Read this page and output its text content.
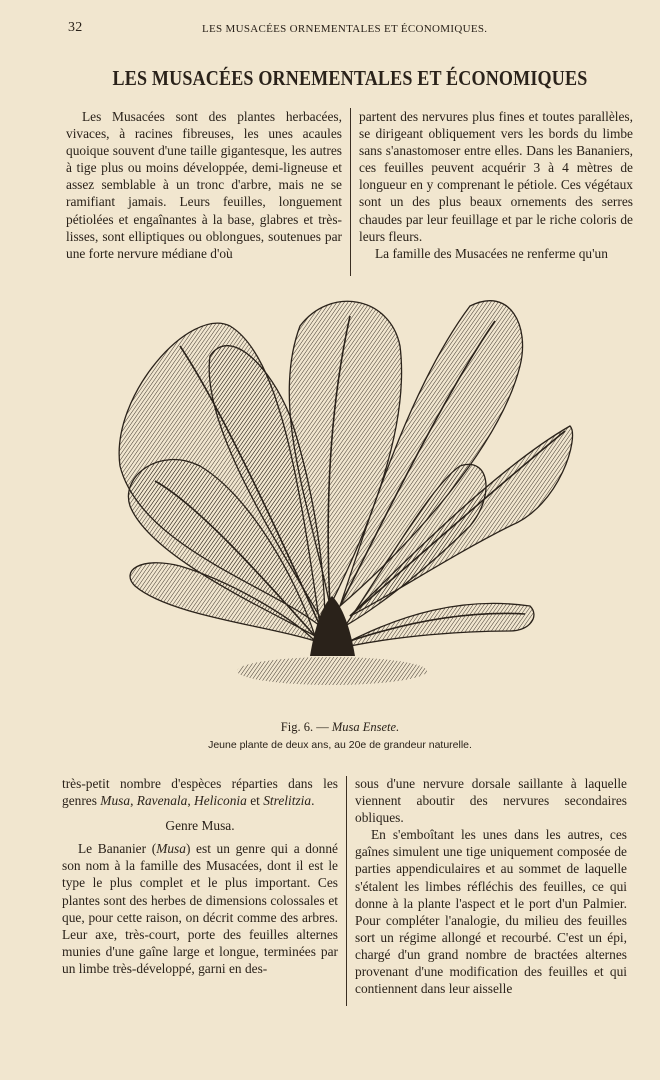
32	LES MUSACÉES ORNEMENTALES ET ÉCONOMIQUES.
LES MUSACÉES ORNEMENTALES ET ÉCONOMIQUES

Les Musacées sont des plantes herbacées, vivaces, à racines fibreuses, les unes acaules quoique souvent d'une taille gigantesque, les autres à tige plus ou moins développée, demi-ligneuse et assez semblable à un tronc d'arbre, mais ne se ramifiant jamais. Leurs feuilles, longuement pétiolées et engaînantes à la base, glabres et très-lisses, sont elliptiques ou oblongues, soutenues par une forte nervure médiane d'où

partent des nervures plus fines et toutes parallèles, se dirigeant obliquement vers les bords du limbe sans s'anastomoser entre elles. Dans les Bananiers, ces feuilles peuvent acquérir 3 à 4 mètres de longueur en y comprenant le pétiole. Ces végétaux sont un des plus beaux ornements des serres chaudes par leur feuillage et par le riche coloris de leurs fleurs.

La famille des Musacées ne renferme qu'un

Fig. 6. — Musa Ensete.
Jeune plante de deux ans, au 20e de grandeur naturelle.

très-petit nombre d'espèces réparties dans les genres Musa, Ravenala, Heliconia et Strelitzia.

Genre Musa.

Le Bananier (Musa) est un genre qui a donné son nom à la famille des Musacées, dont il est le type le plus complet et le plus important. Ces plantes sont des herbes de dimensions colossales et que, pour cette raison, on décrit comme des arbres. Leur axe, très-court, porte des feuilles alternes munies d'une gaîne large et longue, terminées par un limbe très-développé, garni en des-

sous d'une nervure dorsale saillante à laquelle viennent aboutir des nervures secondaires obliques.

En s'emboîtant les unes dans les autres, ces gaînes simulent une tige uniquement composée de parties appendiculaires et au sommet de laquelle s'étalent les limbes réfléchis des feuilles, ce qui donne à la plante l'aspect et le port d'un Palmier. Pour compléter l'analogie, du milieu des feuilles sort un régime allongé et recourbé. C'est un épi, chargé d'un grand nombre de bractées alternes provenant d'une modification des feuilles et qui contiennent dans leur aisselle
